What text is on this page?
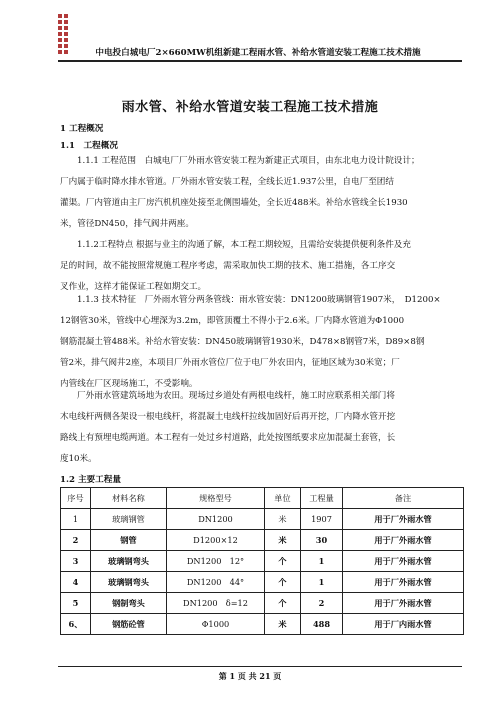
中电投白城电厂2×660MW机组新建工程雨水管、补给水管道安装工程施工技术措施
雨水管、补给水管道安装工程施工技术措施
1 工程概况
1.1　工程概况
1.1.1 工程范围　白城电厂厂外雨水管安装工程为新建正式项目，由东北电力设计院设计；
厂内属于临时降水排水管道。厂外雨水管安装工程，全线长近1.937公里，自电厂至团结
灌渠。厂内管道由主厂房汽机机座处接至北侧围墙处，全长近488米。补给水管线全长1930
米，管径DN450，排气阀井两座。
1.1.2工程特点 根据与业主的沟通了解，本工程工期较短，且需给安装提供便利条件及充
足的时间，故不能按照常规施工程序考虑，需采取加快工期的技术、施工措施，各工序交
叉作业，这样才能保证工程如期交工。
1.1.3 技术特征　厂外雨水管分两条管线：雨水管安装：DN1200玻璃钢管1907米，　D1200×
12钢管30米，管线中心埋深为3.2m，即管顶覆土不得小于2.6米。厂内降水管道为Φ1000
钢筋混凝土管488米。补给水管安装：DN450玻璃钢管1930米，D478×8钢管7米，D89×8钢
管2米，排气阀井2座，本项目厂外雨水管位厂位于电厂外农田内，征地区域为30米宽；厂
内管线在厂区现场施工，不受影响。
厂外雨水管建筑场地为农田。现场过乡道处有两根电线杆，施工时应联系相关部门将
木电线杆两侧各架设一根电线杆，将混凝土电线杆拉线加固好后再开挖，厂内降水管开挖
路线上有预埋电缆两道。本工程有一处过乡村道路，此处按图纸要求应加混凝土套管，长
度10米。
1.2 主要工程量
序号	材料名称	规格型号	单位	工程量	备注
1	玻璃钢管	DN1200	米	1907	用于厂外雨水管
2	钢管	D1200×12	米	30	用于厂外雨水管
3	玻璃钢弯头	DN1200　12°	个	1	用于厂外雨水管
4	玻璃钢弯头	DN1200　44°	个	1	用于厂外雨水管
5	钢制弯头	DN1200　δ=12	个	2	用于厂外雨水管
6、	钢筋砼管	Φ1000	米	488	用于厂内雨水管
第 1 页 共 21 页
